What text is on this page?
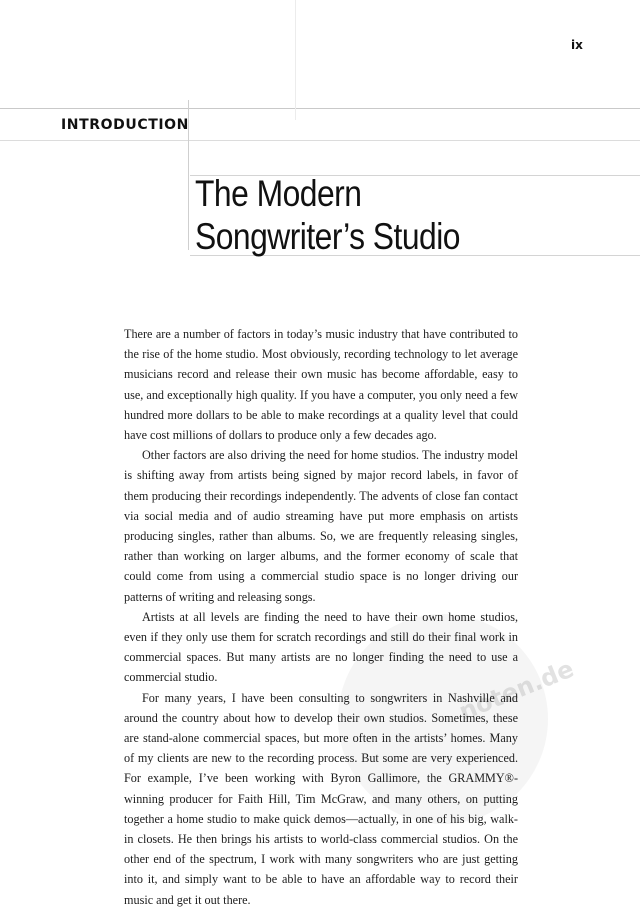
ix
INTRODUCTION
The Modern
Songwriter’s Studio
noten.de

There are a number of factors in today’s music industry that have contributed to the rise of the home studio. Most obviously, recording technology to let average musicians record and release their own music has become affordable, easy to use, and exceptionally high quality. If you have a computer, you only need a few hundred more dollars to be able to make recordings at a quality level that could have cost millions of dollars to produce only a few decades ago.

Other factors are also driving the need for home studios. The industry model is shifting away from artists being signed by major record labels, in favor of them producing their recordings independently. The advents of close fan contact via social media and of audio streaming have put more emphasis on artists producing singles, rather than albums. So, we are frequently releasing singles, rather than working on larger albums, and the former economy of scale that could come from using a commercial studio space is no longer driving our patterns of writing and releasing songs.

Artists at all levels are finding the need to have their own home studios, even if they only use them for scratch recordings and still do their final work in commercial spaces. But many artists are no longer finding the need to use a commercial studio.

For many years, I have been consulting to songwriters in Nashville and around the country about how to develop their own studios. Sometimes, these are stand-alone commercial spaces, but more often in the artists’ homes. Many of my clients are new to the recording process. But some are very experienced. For example, I’ve been working with Byron Gallimore, the GRAMMY®-winning producer for Faith Hill, Tim McGraw, and many others, on putting together a home studio to make quick demos—actually, in one of his big, walk-in closets. He then brings his artists to world-class commercial studios. On the other end of the spectrum, I work with many songwriters who are just getting into it, and simply want to be able to have an affordable way to record their music and get it out there.
